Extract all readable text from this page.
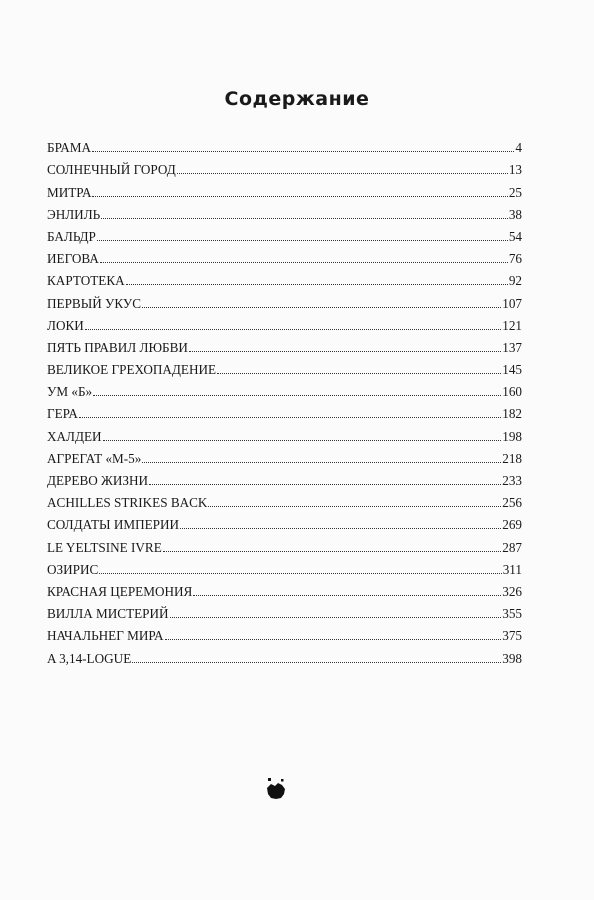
Содержание
БРАМА	4
СОЛНЕЧНЫЙ ГОРОД	13
МИТРА	25
ЭНЛИЛЬ	38
БАЛЬДР	54
ИЕГОВА	76
КАРТОТЕКА	92
ПЕРВЫЙ УКУС	107
ЛОКИ	121
ПЯТЬ ПРАВИЛ ЛЮБВИ	137
ВЕЛИКОЕ ГРЕХОПАДЕНИЕ	145
УМ «Б»	160
ГЕРА	182
ХАЛДЕИ	198
АГРЕГАТ «М-5»	218
ДЕРЕВО ЖИЗНИ	233
ACHILLES STRIKES BACK	256
СОЛДАТЫ ИМПЕРИИ	269
LE YELTSINE IVRE	287
ОЗИРИС	311
КРАСНАЯ ЦЕРЕМОНИЯ	326
ВИЛЛА МИСТЕРИЙ	355
НАЧАЛЬНЕГ МИРА	375
A 3,14-LOGUE	398
